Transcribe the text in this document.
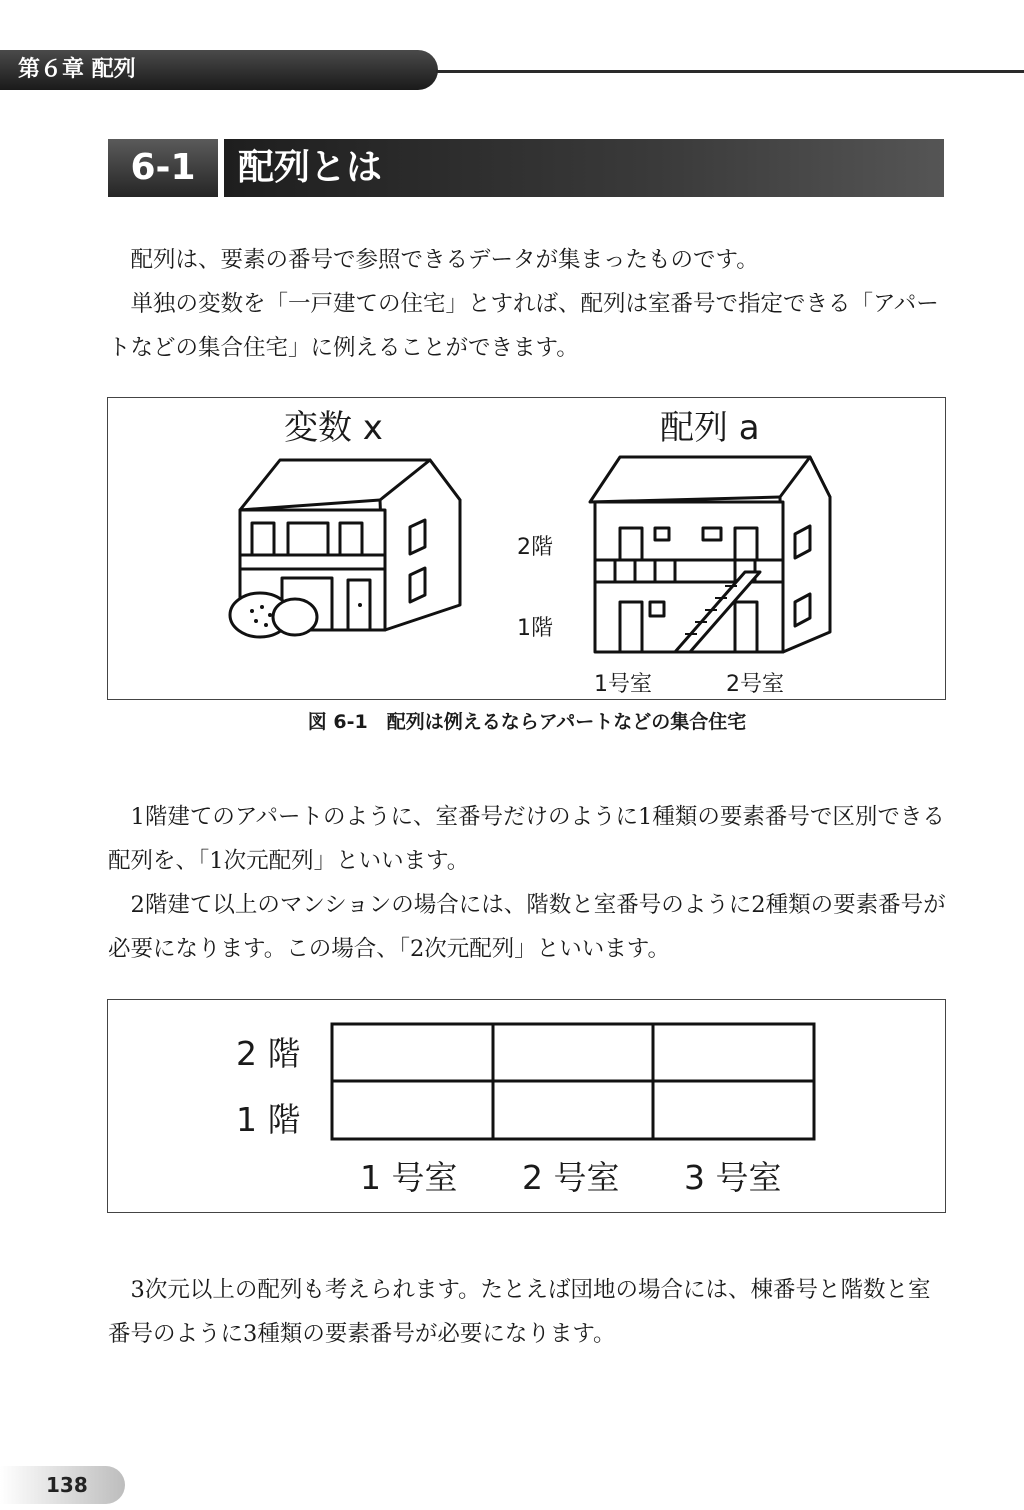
第６章 配列
6-1	配列とは

配列は、要素の番号で参照できるデータが集まったものです。

単独の変数を「一戸建ての住宅」とすれば、配列は室番号で指定できる「アパートなどの集合住宅」に例えることができます。

変数 x	配列 a
2階
1階
1号室	2号室
図 6-1　配列は例えるならアパートなどの集合住宅

1階建てのアパートのように、室番号だけのように1種類の要素番号で区別できる配列を、「1次元配列」といいます。

2階建て以上のマンションの場合には、階数と室番号のように2種類の要素番号が必要になります。この場合、「2次元配列」といいます。

2 階
1 階
1 号室 2 号室 3 号室

3次元以上の配列も考えられます。たとえば団地の場合には、棟番号と階数と室番号のように3種類の要素番号が必要になります。

138
